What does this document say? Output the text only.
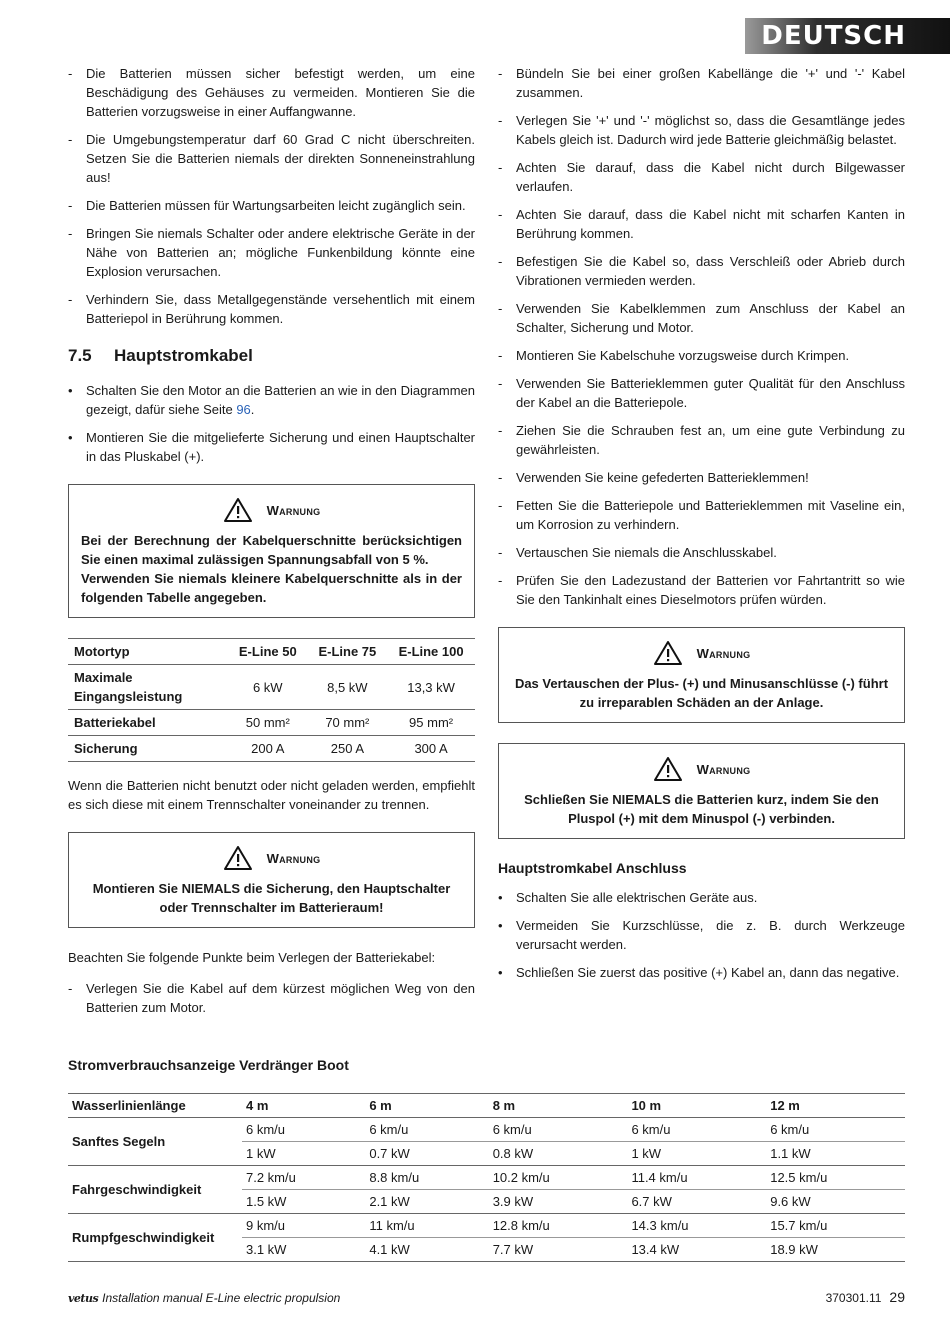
DEUTSCH
- Die Batterien müssen sicher befestigt werden, um eine Beschädigung des Gehäuses zu vermeiden. Montieren Sie die Batterien vorzugsweise in einer Auffangwanne.
- Die Umgebungstemperatur darf 60 Grad C nicht überschreiten. Setzen Sie die Batterien niemals der direkten Sonneneinstrahlung aus!
- Die Batterien müssen für Wartungsarbeiten leicht zugänglich sein.
- Bringen Sie niemals Schalter oder andere elektrische Geräte in der Nähe von Batterien an; mögliche Funkenbildung könnte eine Explosion verursachen.
- Verhindern Sie, dass Metallgegenstände versehentlich mit einem Batteriepol in Berührung kommen.
7.5	Hauptstromkabel
• Schalten Sie den Motor an die Batterien an wie in den Diagrammen gezeigt, dafür siehe Seite 96.
• Montieren Sie die mitgelieferte Sicherung und einen Hauptschalter in das Pluskabel (+).
Warnung
Bei der Berechnung der Kabelquerschnitte berücksichtigen Sie einen maximal zulässigen Spannungsabfall von 5 %.
Verwenden Sie niemals kleinere Kabelquerschnitte als in der folgenden Tabelle angegeben.
Motortyp	E-Line 50	E-Line 75	E-Line 100
Maximale Eingangsleistung	6 kW	8,5 kW	13,3 kW
Batteriekabel	50 mm²	70 mm²	95 mm²
Sicherung	200 A	250 A	300 A

Wenn die Batterien nicht benutzt oder nicht geladen werden, empfiehlt es sich diese mit einem Trennschalter voneinander zu trennen.

Warnung
Montieren Sie NIEMALS die Sicherung, den Hauptschalter oder Trennschalter im Batterieraum!

Beachten Sie folgende Punkte beim Verlegen der Batteriekabel:

- Verlegen Sie die Kabel auf dem kürzest möglichen Weg von den Batterien zum Motor.
- Bündeln Sie bei einer großen Kabellänge die '+' und '-' Kabel zusammen.
- Verlegen Sie '+' und '-' möglichst so, dass die Gesamtlänge jedes Kabels gleich ist. Dadurch wird jede Batterie gleichmäßig belastet.
- Achten Sie darauf, dass die Kabel nicht durch Bilgewasser verlaufen.
- Achten Sie darauf, dass die Kabel nicht mit scharfen Kanten in Berührung kommen.
- Befestigen Sie die Kabel so, dass Verschleiß oder Abrieb durch Vibrationen vermieden werden.
- Verwenden Sie Kabelklemmen zum Anschluss der Kabel an Schalter, Sicherung und Motor.
- Montieren Sie Kabelschuhe vorzugsweise durch Krimpen.
- Verwenden Sie Batterieklemmen guter Qualität für den Anschluss der Kabel an die Batteriepole.
- Ziehen Sie die Schrauben fest an, um eine gute Verbindung zu gewährleisten.
- Verwenden Sie keine gefederten Batterieklemmen!
- Fetten Sie die Batteriepole und Batterieklemmen mit Vaseline ein, um Korrosion zu verhindern.
- Vertauschen Sie niemals die Anschlusskabel.
- Prüfen Sie den Ladezustand der Batterien vor Fahrtantritt so wie Sie den Tankinhalt eines Dieselmotors prüfen würden.
Warnung
Das Vertauschen der Plus- (+) und Minusanschlüsse (-) führt zu irreparablen Schäden an der Anlage.
Warnung
Schließen Sie NIEMALS die Batterien kurz, indem Sie den Pluspol (+) mit dem Minuspol (-) verbinden.
Hauptstromkabel Anschluss
• Schalten Sie alle elektrischen Geräte aus.
• Vermeiden Sie Kurzschlüsse, die z. B. durch Werkzeuge verursacht werden.
• Schließen Sie zuerst das positive (+) Kabel an, dann das negative.
Stromverbrauchsanzeige Verdränger Boot
Wasserlinienlänge	4 m	6 m	8 m	10 m	12 m
Sanftes Segeln	6 km/u	6 km/u	6 km/u	6 km/u	6 km/u
	1 kW	0.7 kW	0.8 kW	1 kW	1.1 kW
Fahrgeschwindigkeit	7.2 km/u	8.8 km/u	10.2 km/u	11.4 km/u	12.5 km/u
	1.5 kW	2.1 kW	3.9 kW	6.7 kW	9.6 kW
Rumpfgeschwindigkeit	9 km/u	11 km/u	12.8 km/u	14.3 km/u	15.7 km/u
	3.1 kW	4.1 kW	7.7 kW	13.4 kW	18.9 kW
vetus Installation manual E-Line electric propulsion	370301.11 29
